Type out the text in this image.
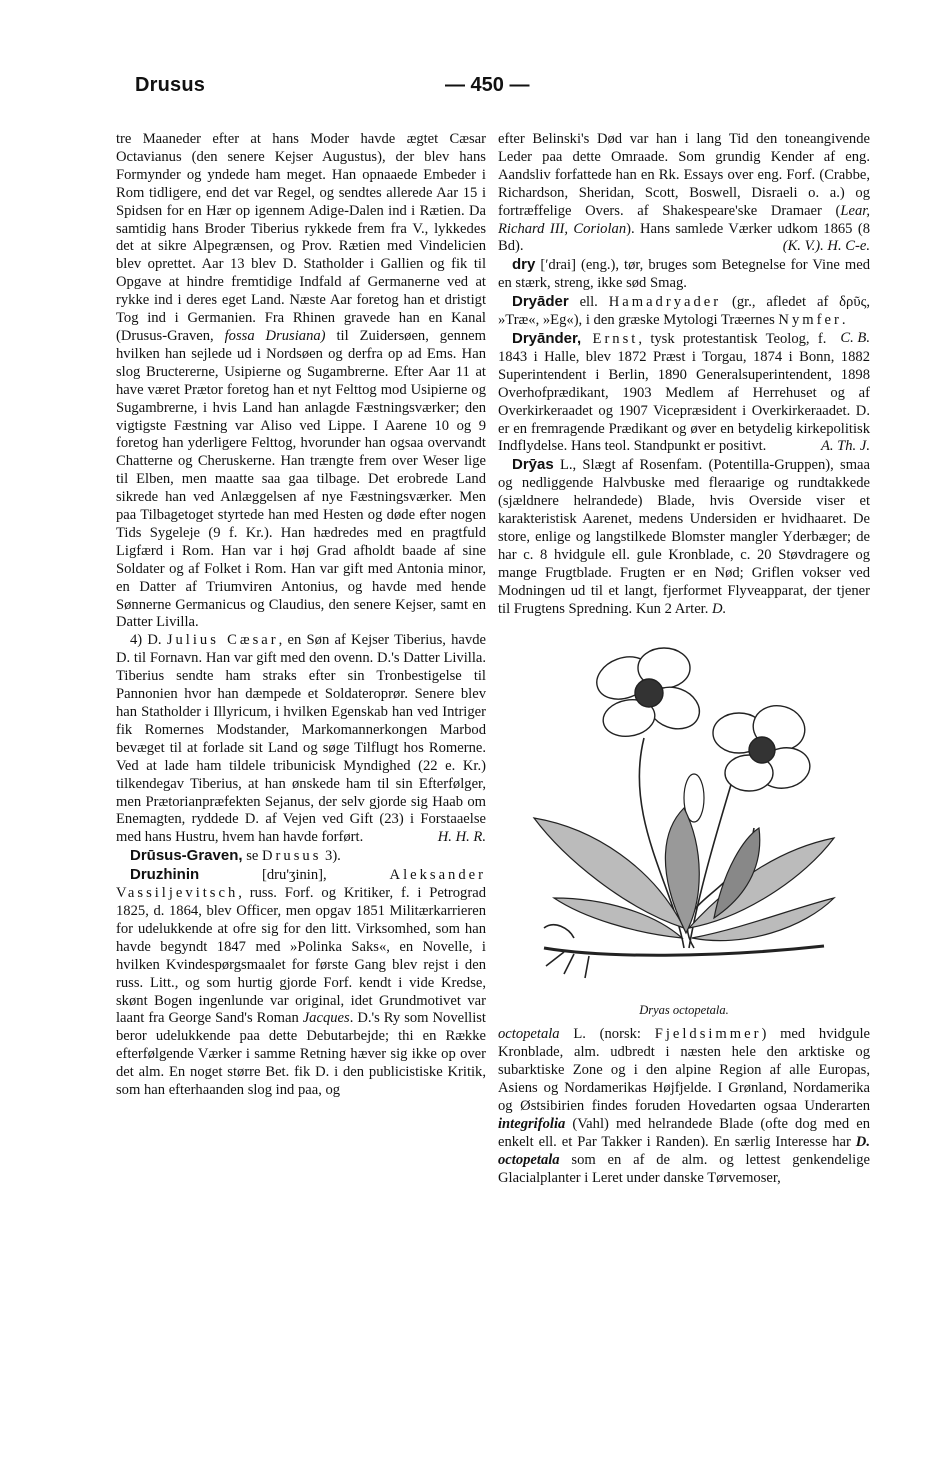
Drusus	— 450 —

tre Maaneder efter at hans Moder havde ægtet Cæsar Octavianus (den senere Kejser Augustus), der blev hans Formynder og yndede ham meget. Han opnaaede Embeder i Rom tidligere, end det var Regel, og sendtes allerede Aar 15 i Spidsen for en Hær op igennem Adige-Dalen ind i Rætien. Da samtidig hans Broder Tiberius rykkede frem fra V., lykkedes det at sikre Alpegrænsen, og Prov. Rætien med Vindelicien blev oprettet. Aar 13 blev D. Statholder i Gallien og fik til Opgave at hindre fremtidige Indfald af Germanerne ved at rykke ind i deres eget Land. Næste Aar foretog han et dristigt Tog ind i Germanien. Fra Rhinen gravede han en Kanal (Drusus-Graven, fossa Drusiana) til Zuidersøen, gennem hvilken han sejlede ud i Nordsøen og derfra op ad Ems. Han slog Bructererne, Usipierne og Sugambrerne. Efter Aar 11 at have været Prætor foretog han et nyt Felttog mod Usipierne og Sugambrerne, i hvis Land han anlagde Fæstningsværker; den vigtigste Fæstning var Aliso ved Lippe. I Aarene 10 og 9 foretog han yderligere Felttog, hvorunder han ogsaa overvandt Chatterne og Cheruskerne. Han trængte frem over Weser lige til Elben, men maatte saa gaa tilbage. Det erobrede Land sikrede han ved Anlæggelsen af nye Fæstningsværker. Men paa Tilbagetoget styrtede han med Hesten og døde efter nogen Tids Sygeleje (9 f. Kr.). Han hædredes med en pragtfuld Ligfærd i Rom. Han var i høj Grad afholdt baade af sine Soldater og af Folket i Rom. Han var gift med Antonia minor, en Datter af Triumviren Antonius, og havde med hende Sønnerne Germanicus og Claudius, den senere Kejser, samt en Datter Livilla.

4) D. Julius Cæsar, en Søn af Kejser Tiberius, havde D. til Fornavn. Han var gift med den ovenn. D.'s Datter Livilla. Tiberius sendte ham straks efter sin Tronbestigelse til Pannonien hvor han dæmpede et Soldateroprør. Senere blev han Statholder i Illyricum, i hvilken Egenskab han ved Intriger fik Romernes Modstander, Markomannerkongen Marbod bevæget til at forlade sit Land og søge Tilflugt hos Romerne. Ved at lade ham tildele tribunicisk Myndighed (22 e. Kr.) tilkendegav Tiberius, at han ønskede ham til sin Efterfølger, men Prætorianpræfekten Sejanus, der selv gjorde sig Haab om Enemagten, ryddede D. af Vejen ved Gift (23) i Forstaaelse med hans Hustru, hvem han havde forført.	H. H. R.

Drūsus-Graven, se Drusus 3).

Druzhinin [dru'ʒinin], Aleksander Vassiljevitsch, russ. Forf. og Kritiker, f. i Petrograd 1825, d. 1864, blev Officer, men opgav 1851 Militærkarrieren for udelukkende at ofre sig for den litt. Virksomhed, som han havde begyndt 1847 med »Polinka Saks«, en Novelle, i hvilken Kvindespørgsmaalet for første Gang blev rejst i den russ. Litt., og som hurtig gjorde Forf. kendt i vide Kredse, skønt Bogen ingenlunde var original, idet Grundmotivet var laant fra George Sand's Roman Jacques. D.'s Ry som Novellist beror udelukkende paa dette Debutarbejde; thi en Række efterfølgende Værker i samme Retning hæver sig ikke op over det alm. En noget større Bet. fik D. i den publicistiske Kritik, som han efterhaanden slog ind paa, og

efter Belinski's Død var han i lang Tid den toneangivende Leder paa dette Omraade. Som grundig Kender af eng. Aandsliv forfattede han en Rk. Essays over eng. Forf. (Crabbe, Richardson, Sheridan, Scott, Boswell, Disraeli o. a.) og fortræffelige Overs. af Shakespeare'ske Dramaer (Lear, Richard III, Coriolan). Hans samlede Værker udkom 1865 (8 Bd).	(K. V.). H. C-e.

dry [ʹdrai] (eng.), tør, bruges som Betegnelse for Vine med en stærk, streng, ikke sød Smag.

Dryāder ell. Hamadryader (gr., afledet af δρῦς, »Træ«, »Eg«), i den græske Mytologi Træernes Nymfer.
C. B.

Dryānder, Ernst, tysk protestantisk Teolog, f. 1843 i Halle, blev 1872 Præst i Torgau, 1874 i Bonn, 1882 Superintendent i Berlin, 1890 Generalsuperintendent, 1898 Overhofprædikant, 1903 Medlem af Herrehuset og af Overkirkeraadet og 1907 Vicepræsident i Overkirkeraadet. D. er en fremragende Prædikant og øver en betydelig kirkepolitisk Indflydelse. Hans teol. Standpunkt er positivt.	A. Th. J.

Drȳas L., Slægt af Rosenfam. (Potentilla-Gruppen), smaa og nedliggende Halvbuske med fleraarige og rundtakkede (sjældnere helrandede) Blade, hvis Overside viser et karakteristisk Aarenet, medens Undersiden er hvidhaaret. De store, enlige og langstilkede Blomster mangler Yderbæger; de har c. 8 hvidgule ell. gule Kronblade, c. 20 Støvdragere og mange Frugtblade. Frugten er en Nød; Griflen vokser ved Modningen ud til et langt, fjerformet Flyveapparat, der tjener til Frugtens Spredning. Kun 2 Arter. D.

Dryas octopetala.

octopetala L. (norsk: Fjeldsimmer) med hvidgule Kronblade, alm. udbredt i næsten hele den arktiske og subarktiske Zone og i den alpine Region af alle Europas, Asiens og Nordamerikas Højfjelde. I Grønland, Nordamerika og Østsibirien findes foruden Hovedarten ogsaa Underarten integrifolia (Vahl) med helrandede Blade (ofte dog med en enkelt ell. et Par Takker i Randen). En særlig Interesse har D. octopetala som en af de alm. og lettest genkendelige Glacialplanter i Leret under danske Tørvemoser,
